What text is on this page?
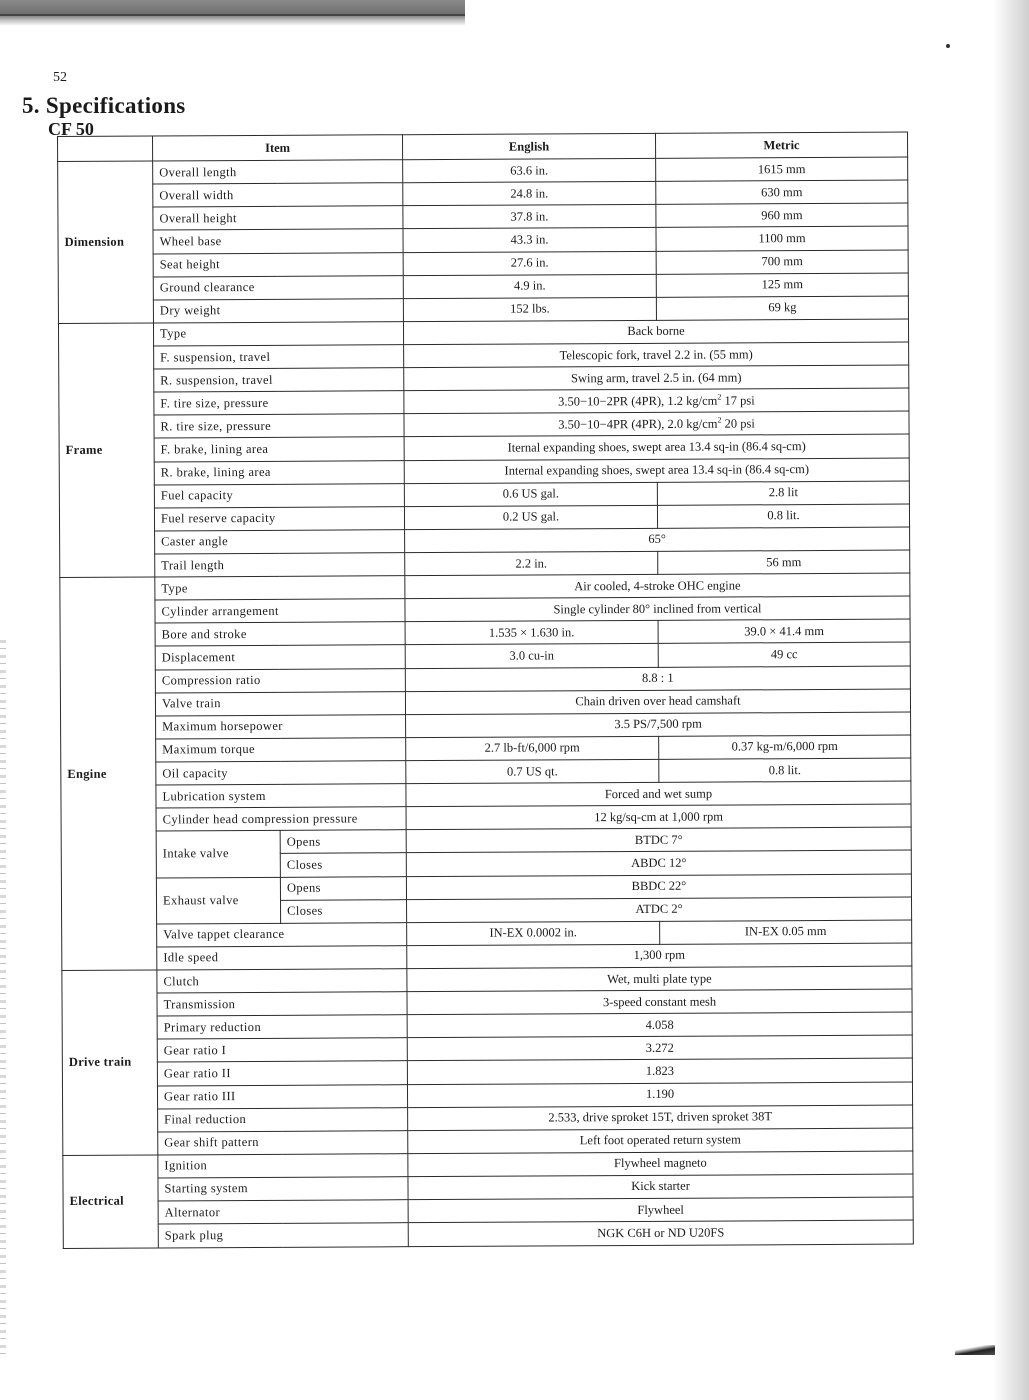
52
5. Specifications
CF 50
	Item		English	Metric
Dimension	Overall length		63.6 in.	1615 mm
	Overall width		24.8 in.	630 mm
	Overall height		37.8 in.	960 mm
	Wheel base		43.3 in.	1100 mm
	Seat height		27.6 in.	700 mm
	Ground clearance		4.9 in.	125 mm
	Dry weight		152 lbs.	69 kg
Frame	Type		Back borne	
	F. suspension, travel		Telescopic fork, travel 2.2 in. (55 mm)	
	R. suspension, travel		Swing arm, travel 2.5 in. (64 mm)	
	F. tire size, pressure		3.50−10−2PR (4PR), 1.2 $kg/cm^2$ 17 psi	
	R. tire size, pressure		3.50−10−4PR (4PR), 2.0 $kg/cm^2$ 20 psi	
	F. brake, lining area		Iternal expanding shoes, swept area 13.4 sq-in (86.4 sq-cm)	
	R. brake, lining area		Internal expanding shoes, swept area 13.4 sq-in (86.4 sq-cm)	
	Fuel capacity		0.6 US gal.	2.8 lit
	Fuel reserve capacity		0.2 US gal.	0.8 lit.
	Caster angle		65°	
	Trail length		2.2 in.	56 mm
Engine	Type		Air cooled, 4-stroke OHC engine	
	Cylinder arrangement		Single cylinder 80° inclined from vertical	
	Bore and stroke		1.535 × 1.630 in.	39.0 × 41.4 mm
	Displacement		3.0 cu-in	49 cc
	Compression ratio		8.8 : 1	
	Valve train		Chain driven over head camshaft	
	Maximum horsepower		3.5 PS/7,500 rpm	
	Maximum torque		2.7 lb-ft/6,000 rpm	0.37 kg-m/6,000 rpm
	Oil capacity		0.7 US qt.	0.8 lit.
	Lubrication system		Forced and wet sump	
	Cylinder head compression pressure		12 kg/sq-cm at 1,000 rpm	
	Intake valve	Opens	BTDC 7°	
		Closes	ABDC 12°	
	Exhaust valve	Opens	BBDC 22°	
		Closes	ATDC 2°	
	Valve tappet clearance		IN-EX 0.0002 in.	IN-EX 0.05 mm
	Idle speed		1,300 rpm	
Drive train	Clutch		Wet, multi plate type	
	Transmission		3-speed constant mesh	
	Primary reduction		4.058	
	Gear ratio I		3.272	
	Gear ratio II		1.823	
	Gear ratio III		1.190	
	Final reduction		2.533, drive sproket 15T, driven sproket 38T	
	Gear shift pattern		Left foot operated return system	
Electrical	Ignition		Flywheel magneto	
	Starting system		Kick starter	
	Alternator		Flywheel	
	Spark plug		NGK C6H or ND U20FS	
